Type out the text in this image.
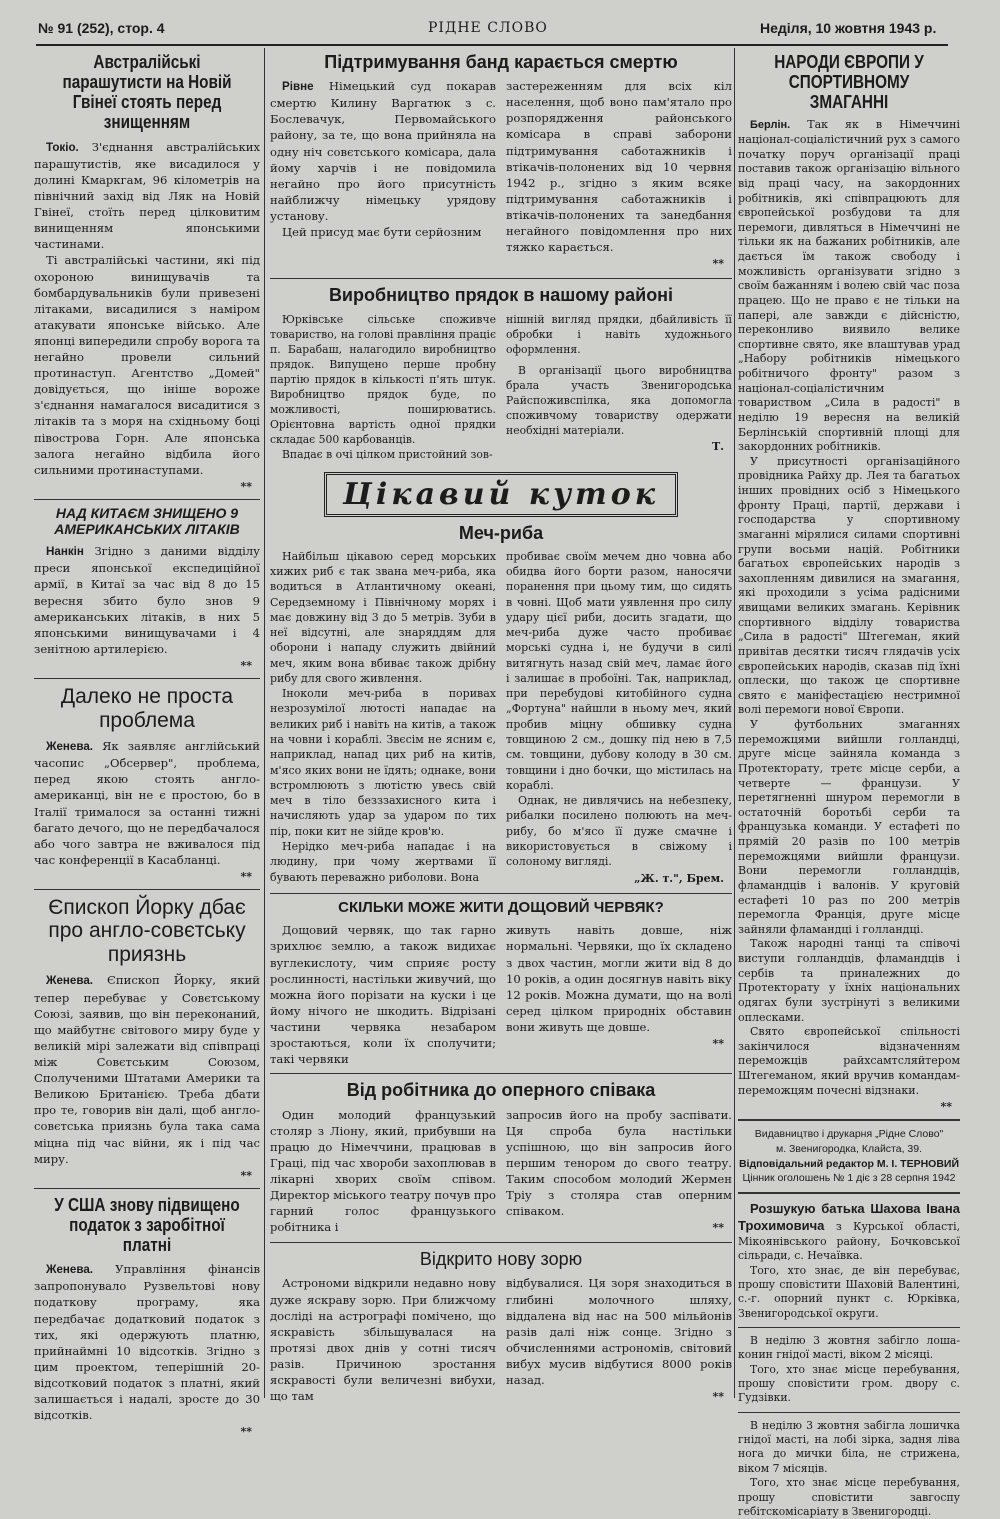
№ 91 (252), стор. 4	РІДНЕ СЛОВО	Неділя, 10 жовтня 1943 р.
Австралійські парашутисти на Новій Гвінеї стоять перед знищенням

Токіо. З'єднання австралійських парашутистів, яке висадилося у долині Кмаркгам, 96 кілометрів на північний захід від Ляк на Новій Гвінеї, стоїть перед цілковитим винищенням японськими частинами.

Ті австралійські частини, які під охороною винищувачів та бомбардувальників були привезені літаками, висадилися з наміром атакувати японське військо. Але японці випередили спробу ворога та негайно провели сильний протинаступ. Агентство „Домей" довідується, що ініше вороже з'єднання намагалося висадитися з літаків та з моря на східньому боці півострова Горн. Але японська залога негайно відбила його сильними протинаступами.

**
НАД КИТАЄМ ЗНИЩЕНО 9 АМЕРИКАНСЬКИХ ЛІТАКІВ

Нанкін Згідно з даними відділу преси японської експедиційної армії, в Китаї за час від 8 до 15 вересня збито було знов 9 американських літаків, в них 5 японськими винищувачами і 4 зенітною артилерією.

**
Далеко не проста проблема

Женева. Як заявляє англійський часопис „Обсервер", проблема, перед якою стоять англо-американці, він не є простою, бо в Італії трималося за останні тижні багато дечого, що не передбачалося або чого завтра не вживалося під час конференції в Касабланці.

**
Єпископ Йорку дбає про англо-совєтську приязнь

Женева. Єпископ Йорку, який тепер перебуває у Совєтському Союзі, заявив, що він переконаний, що майбутнє світового миру буде у великій мірі залежати від співпраці між Совєтським Союзом, Сполученими Штатами Америки та Великою Британією. Треба дбати про те, говорив він далі, щоб англо-совєтська приязнь була така сама міцна під час війни, як і під час миру.

**
У США знову підвищено податок з заробітної платні

Женева. Управління фінансів запропонувало Рузвельтові нову податкову програму, яка передбачає додатковий податок з тих, які одержують платню, прийнаймні 10 відсотків. Згідно з цим проектом, теперішній 20-відсотковий податок з платні, який залишається і надалі, зросте до 30 відсотків.

**
Підтримування банд карається смертю

Рівне Німецький суд покарав смертю Килину Варгатюк з с. Бослевачук, Первомайського району, за те, що вона прийняла на одну ніч совєтського комісара, дала йому харчів і не повідомила негайно про його присутність найближчу німецьку урядову установу.

Цей присуд має бути серйозним

застереженням для всіх кіл населення, щоб воно пам'ятало про розпорядження районського комісара в справі заборони підтримування саботажників і втікачів-полонених від 10 червня 1942 р., згідно з яким всяке підтримування саботажників і втікачів-полонених та занедбання негайного повідомлення про них тяжко карається.

**
Виробництво прядок в нашому районі

Юрківське сільське споживче товариство, на голові правління праціє п. Барабаш, налагодило виробництво прядок. Випущено перше пробну партію прядок в кількості п'ять штук. Виробництво прядок буде, по можливості, поширюватись. Орієнтовна вартість одної прядки складає 500 карбованців.

Впадає в очі цілком пристойний зов-

нішній вигляд прядки, дбайливість її обробки і навіть художнього оформлення.

В організації цього виробництва брала участь Звенигородська Райспоживспілка, яка допомогла споживчому товариству одержати необхідні матеріали.

Т.
Цікавий куток
Меч-риба

Найбільш цікавою серед морських хижих риб є так звана меч-риба, яка водиться в Атлантичному океані, Середземному і Північному морях і має довжину від 3 до 5 метрів. Зуби в неї відсутні, але знаряддям для оборони і нападу служить двійний меч, яким вона вбиває також дрібну рибу для свого живлення.

Іноколи меч-риба в поривах незрозумілої лютості нападає на великих риб і навіть на китів, а також на човни і кораблі. Звєсім не ясним є, наприклад, напад цих риб на китів, м'ясо яких вони не їдять; однаке, вони встромлюють з лютістю увесь свій меч в тіло безззахисного кита і начисляють удар за ударом по тих пір, поки кит не зійде кров'ю.

Нерідко меч-риба нападає і на людину, при чому жертвами її бувають переважно риболови. Вона

пробиває своїм мечем дно човна або обидва його борти разом, наносячи поранення при цьому тим, що сидять в човні. Щоб мати уявлення про силу удару цієї риби, досить згадати, що меч-риба дуже часто пробиває морські судна і, не будучи в силі витягнуть назад свій меч, ламає його і залишає в пробоїні. Так, наприклад, при перебудові китобійного судна „Фортуна" найшли в ньому меч, який пробив міцну обшивку судна товщиною 2 см., дошку під нею в 7,5 см. товщини, дубову колоду в 30 см. товщини і дно бочки, що містилась на кораблі.

Однак, не дивлячись на небезпеку, рибалки посилено полюють на меч-рибу, бо м'ясо її дуже смачне і використовується в свіжому і солоному вигляді.

„Ж. т.", Брем.
СКІЛЬКИ МОЖЕ ЖИТИ ДОЩОВИЙ ЧЕРВЯК?

Дощовий червяк, що так гарно зрихлює землю, а також видихає вуглекислоту, чим сприяє росту рослинності, настільки живучий, що можна його порізати на куски і це йому нічого не шкодить. Відрізані частини червяка незабаром зростаються, коли їх сполучити; такі червяки

живуть навіть довше, ніж нормальні. Червяки, що їх складено з двох частин, могли жити від 8 до 10 років, а один досягнув навіть віку 12 років. Можна думати, що на волі серед цілком природніх обставин вони живуть ще довше.

**
Від робітника до оперного співака

Один молодий французький столяр з Ліону, який, прибувши на працю до Німеччини, працював в Граці, під час хвороби захоплював в лікарні хворих своїм співом. Директор міського театру почув про гарний голос французького робітника і

запросив його на пробу заспівати. Ця спроба була настільки успішною, що він запросив його першим тенором до свого театру. Таким способом молодий Жермен Тріу з столяра став оперним співаком.

**
Відкрито нову зорю

Астрономи відкрили недавно нову дуже яскраву зорю. При ближчому досліді на астрографі помічено, що яскравість збільшувалася на протязі двох днів у сотні тисяч разів. Причиною зростання яскравості були величезні вибухи, що там

відбувалися. Ця зоря знаходиться в глибині молочного шляху, віддалена від нас на 500 мільйонів разів далі ніж сонце. Згідно з обчисленнями астрономів, світовий вибух мусив відбутися 8000 років назад.

**
НАРОДИ ЄВРОПИ У СПОРТИВНОМУ ЗМАГАННІ

Берлін. Так як в Німеччині націонал-соціалістичний рух з самого початку поруч організації праці поставив також організацію вільного від праці часу, на закордонних робітників, які співпрацюють для європейської розбудови та для перемоги, дивляться в Німеччині не тільки як на бажаних робітників, але дається їм також свободу і можливість організувати згідно з своїм бажанням і волею свій час поза працею. Що не право є не тільки на папері, але завжди є дійсністю, переконливо виявило велике спортивне свято, яке влаштував урад „Набору робітників німецького робітничого фронту" разом з націонал-соціалістичним товариством „Сила в радості" в неділю 19 вересня на великій Берлінській спортивній площі для закордонних робітників.

У присутності організаційного провідника Райху др. Лея та багатьох інших провідних осіб з Німецького фронту Праці, партії, держави і господарства у спортивному змаганні мірялися силами спортивні групи восьми націй. Робітники багатьох європейських народів з захопленням дивилися на змагання, які проходили з усіма радісними явищами великих змагань. Керівник спортивного відділу товариства „Сила в радості" Штегеман, який привітав десятки тисяч глядачів усіх європейських народів, сказав під їхні оплески, що також це спортивне свято є маніфестацією нестримної волі перемоги нової Європи.

У футбольних змаганнях переможцями вийшли голландці, друге місце зайняла команда з Протекторату, третє місце серби, а четверте — французи. У перетягненні шнуром перемогли в остаточній боротьбі серби та французька команди. У естафеті по прямій 20 разів по 100 метрів переможцями вийшли французи. Вони перемогли голландців, фламандців і валонів. У круговій естафеті 10 раз по 200 метрів перемогла Франція, друге місце зайняли фламандці і голландці.

Також народні танці та співочі виступи голландців, фламандців і сербів та приналежних до Протекторату у їхніх національних одягах були зустрінуті з великими оплесками.

Свято європейської спільності закінчилося відзначенням переможців райхсамтсляйтером Штегеманом, який вручив командам-переможцям почесні відзнаки.

**
Видавництво і друкарня „Рідне Слово"
м. Звенигородка, Клайста, 39.
Відповідальний редактор М. І. ТЕРНОВИЙ
Цінник оголошень № 1 діє з 28 серпня 1942

Розшукую батька Шахова Івана Трохимовича з Курської області, Мікоянівського району, Бочковської сільради, с. Нечаївка.

Того, хто знає, де він перебуває, прошу сповістити Шаховій Валентині, с.-г. опорний пункт с. Юрківка, Звенигородської округи.

В неділю 3 жовтня забігло лоша-конин гнідої масті, віком 2 місяці.

Того, хто знає місце перебування, прошу сповістити гром. двору с. Гудзівки.

В неділю 3 жовтня забігла лошичка гнідої масті, на лобі зірка, задня ліва нога до мички біла, не стрижена, віком 7 місяців.

Того, хто знає місце перебування, прошу сповістити завгоспу гебітскомісаріату в Звенигородці.
